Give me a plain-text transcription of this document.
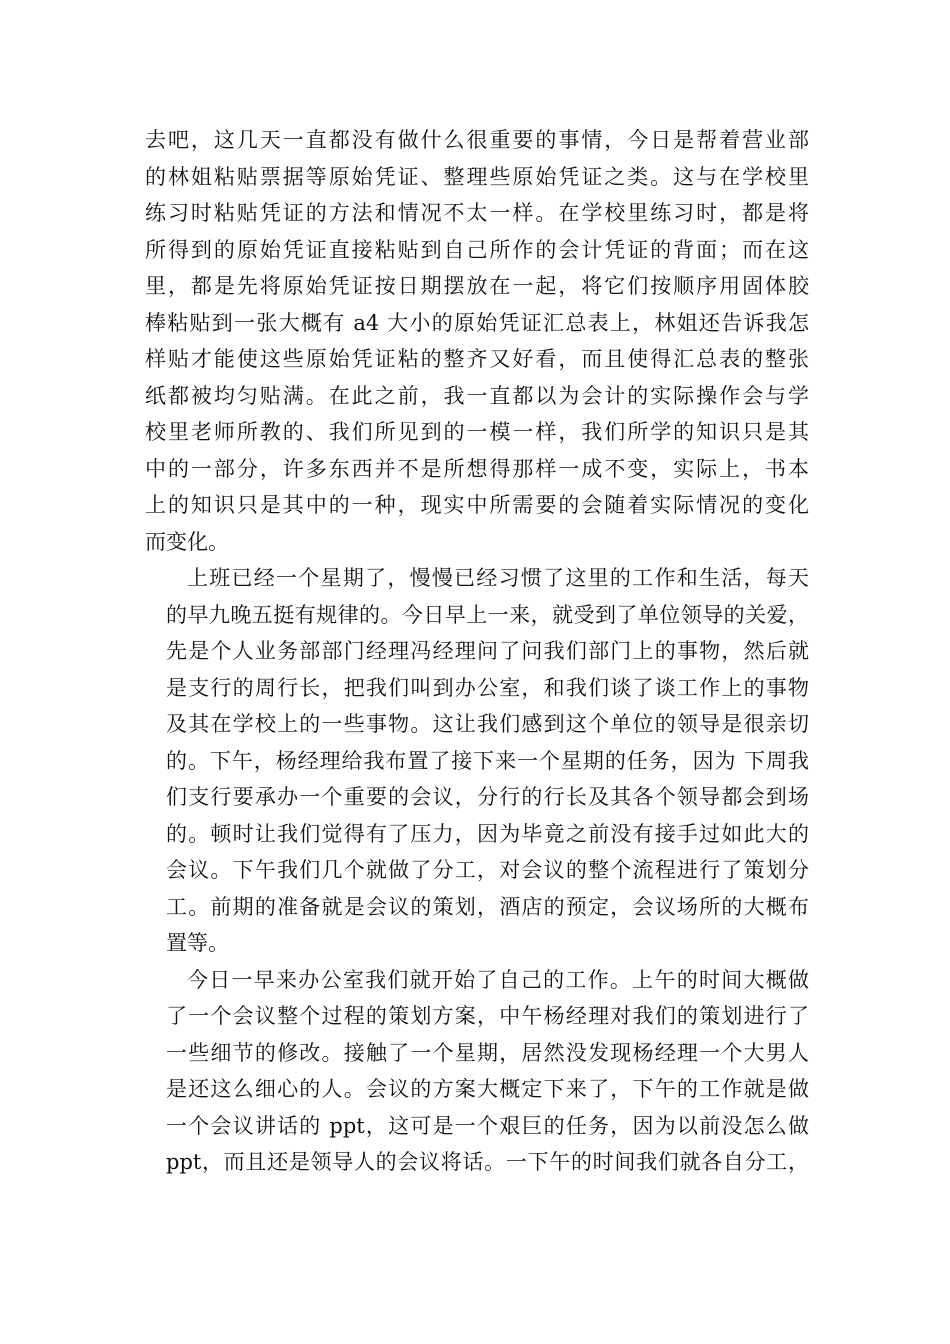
去吧，这几天一直都没有做什么很重要的事情，今日是帮着营业部
的林姐粘贴票据等原始凭证、整理些原始凭证之类。这与在学校里
练习时粘贴凭证的方法和情况不太一样。在学校里练习时，都是将
所得到的原始凭证直接粘贴到自己所作的会计凭证的背面；而在这
里，都是先将原始凭证按日期摆放在一起，将它们按顺序用固体胶
棒粘贴到一张大概有 a4 大小的原始凭证汇总表上，林姐还告诉我怎
样贴才能使这些原始凭证粘的整齐又好看，而且使得汇总表的整张
纸都被均匀贴满。在此之前，我一直都以为会计的实际操作会与学
校里老师所教的、我们所见到的一模一样，我们所学的知识只是其
中的一部分，许多东西并不是所想得那样一成不变，实际上，书本
上的知识只是其中的一种，现实中所需要的会随着实际情况的变化
而变化。

上班已经一个星期了，慢慢已经习惯了这里的工作和生活，每天
的早九晚五挺有规律的。今日早上一来，就受到了单位领导的关爱，
先是个人业务部部门经理冯经理问了问我们部门上的事物，然后就
是支行的周行长，把我们叫到办公室，和我们谈了谈工作上的事物
及其在学校上的一些事物。这让我们感到这个单位的领导是很亲切
的。下午，杨经理给我布置了接下来一个星期的任务，因为 下周我
们支行要承办一个重要的会议，分行的行长及其各个领导都会到场
的。顿时让我们觉得有了压力，因为毕竟之前没有接手过如此大的
会议。下午我们几个就做了分工，对会议的整个流程进行了策划分
工。前期的准备就是会议的策划，酒店的预定，会议场所的大概布
置等。

今日一早来办公室我们就开始了自己的工作。上午的时间大概做
了一个会议整个过程的策划方案，中午杨经理对我们的策划进行了
一些细节的修改。接触了一个星期，居然没发现杨经理一个大男人
是还这么细心的人。会议的方案大概定下来了，下午的工作就是做
一个会议讲话的 ppt，这可是一个艰巨的任务，因为以前没怎么做
ppt，而且还是领导人的会议将话。一下午的时间我们就各自分工，
